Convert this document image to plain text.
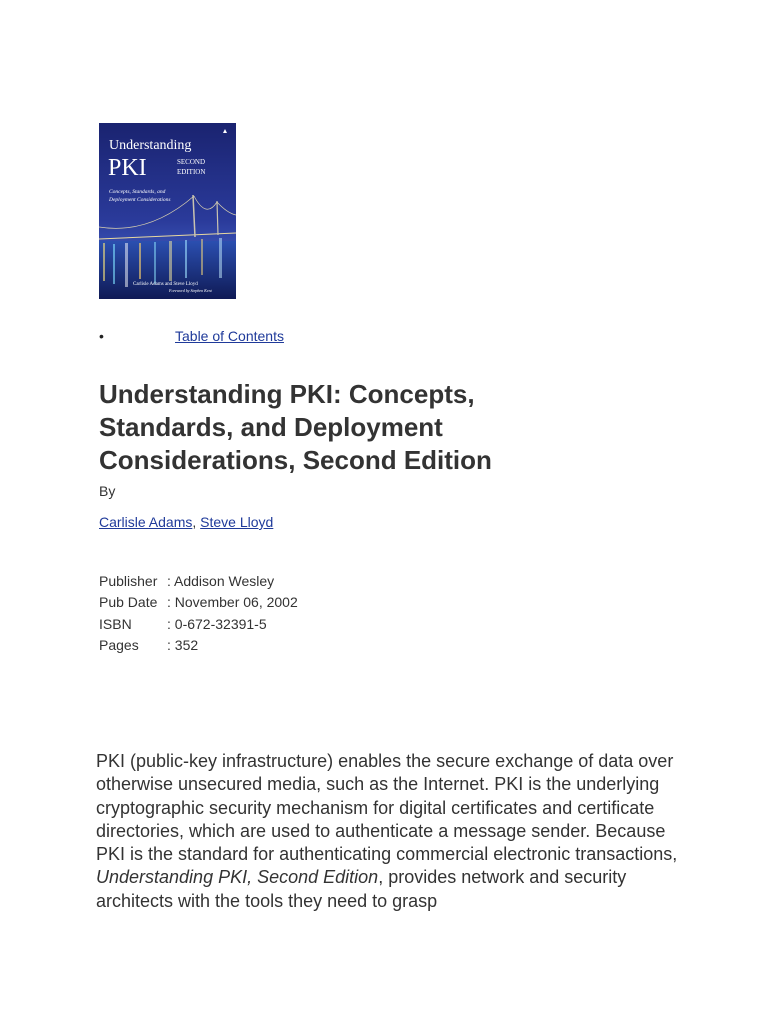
Understanding
PKI	SECOND
EDITION
Concepts, Standards, and
Deployment Considerations
Carlisle Adams and Steve Lloyd
Foreword by Stephen Kent
•	Table of Contents
Understanding PKI: Concepts, Standards, and Deployment Considerations, Second Edition
By
Carlisle Adams, Steve Lloyd
Publisher	: Addison Wesley
Pub Date	: November 06, 2002
ISBN	: 0-672-32391-5
Pages	: 352

PKI (public-key infrastructure) enables the secure exchange of data over otherwise unsecured media, such as the Internet. PKI is the underlying cryptographic security mechanism for digital certificates and certificate directories, which are used to authenticate a message sender. Because PKI is the standard for authenticating commercial electronic transactions, Understanding PKI, Second Edition, provides network and security architects with the tools they need to grasp
